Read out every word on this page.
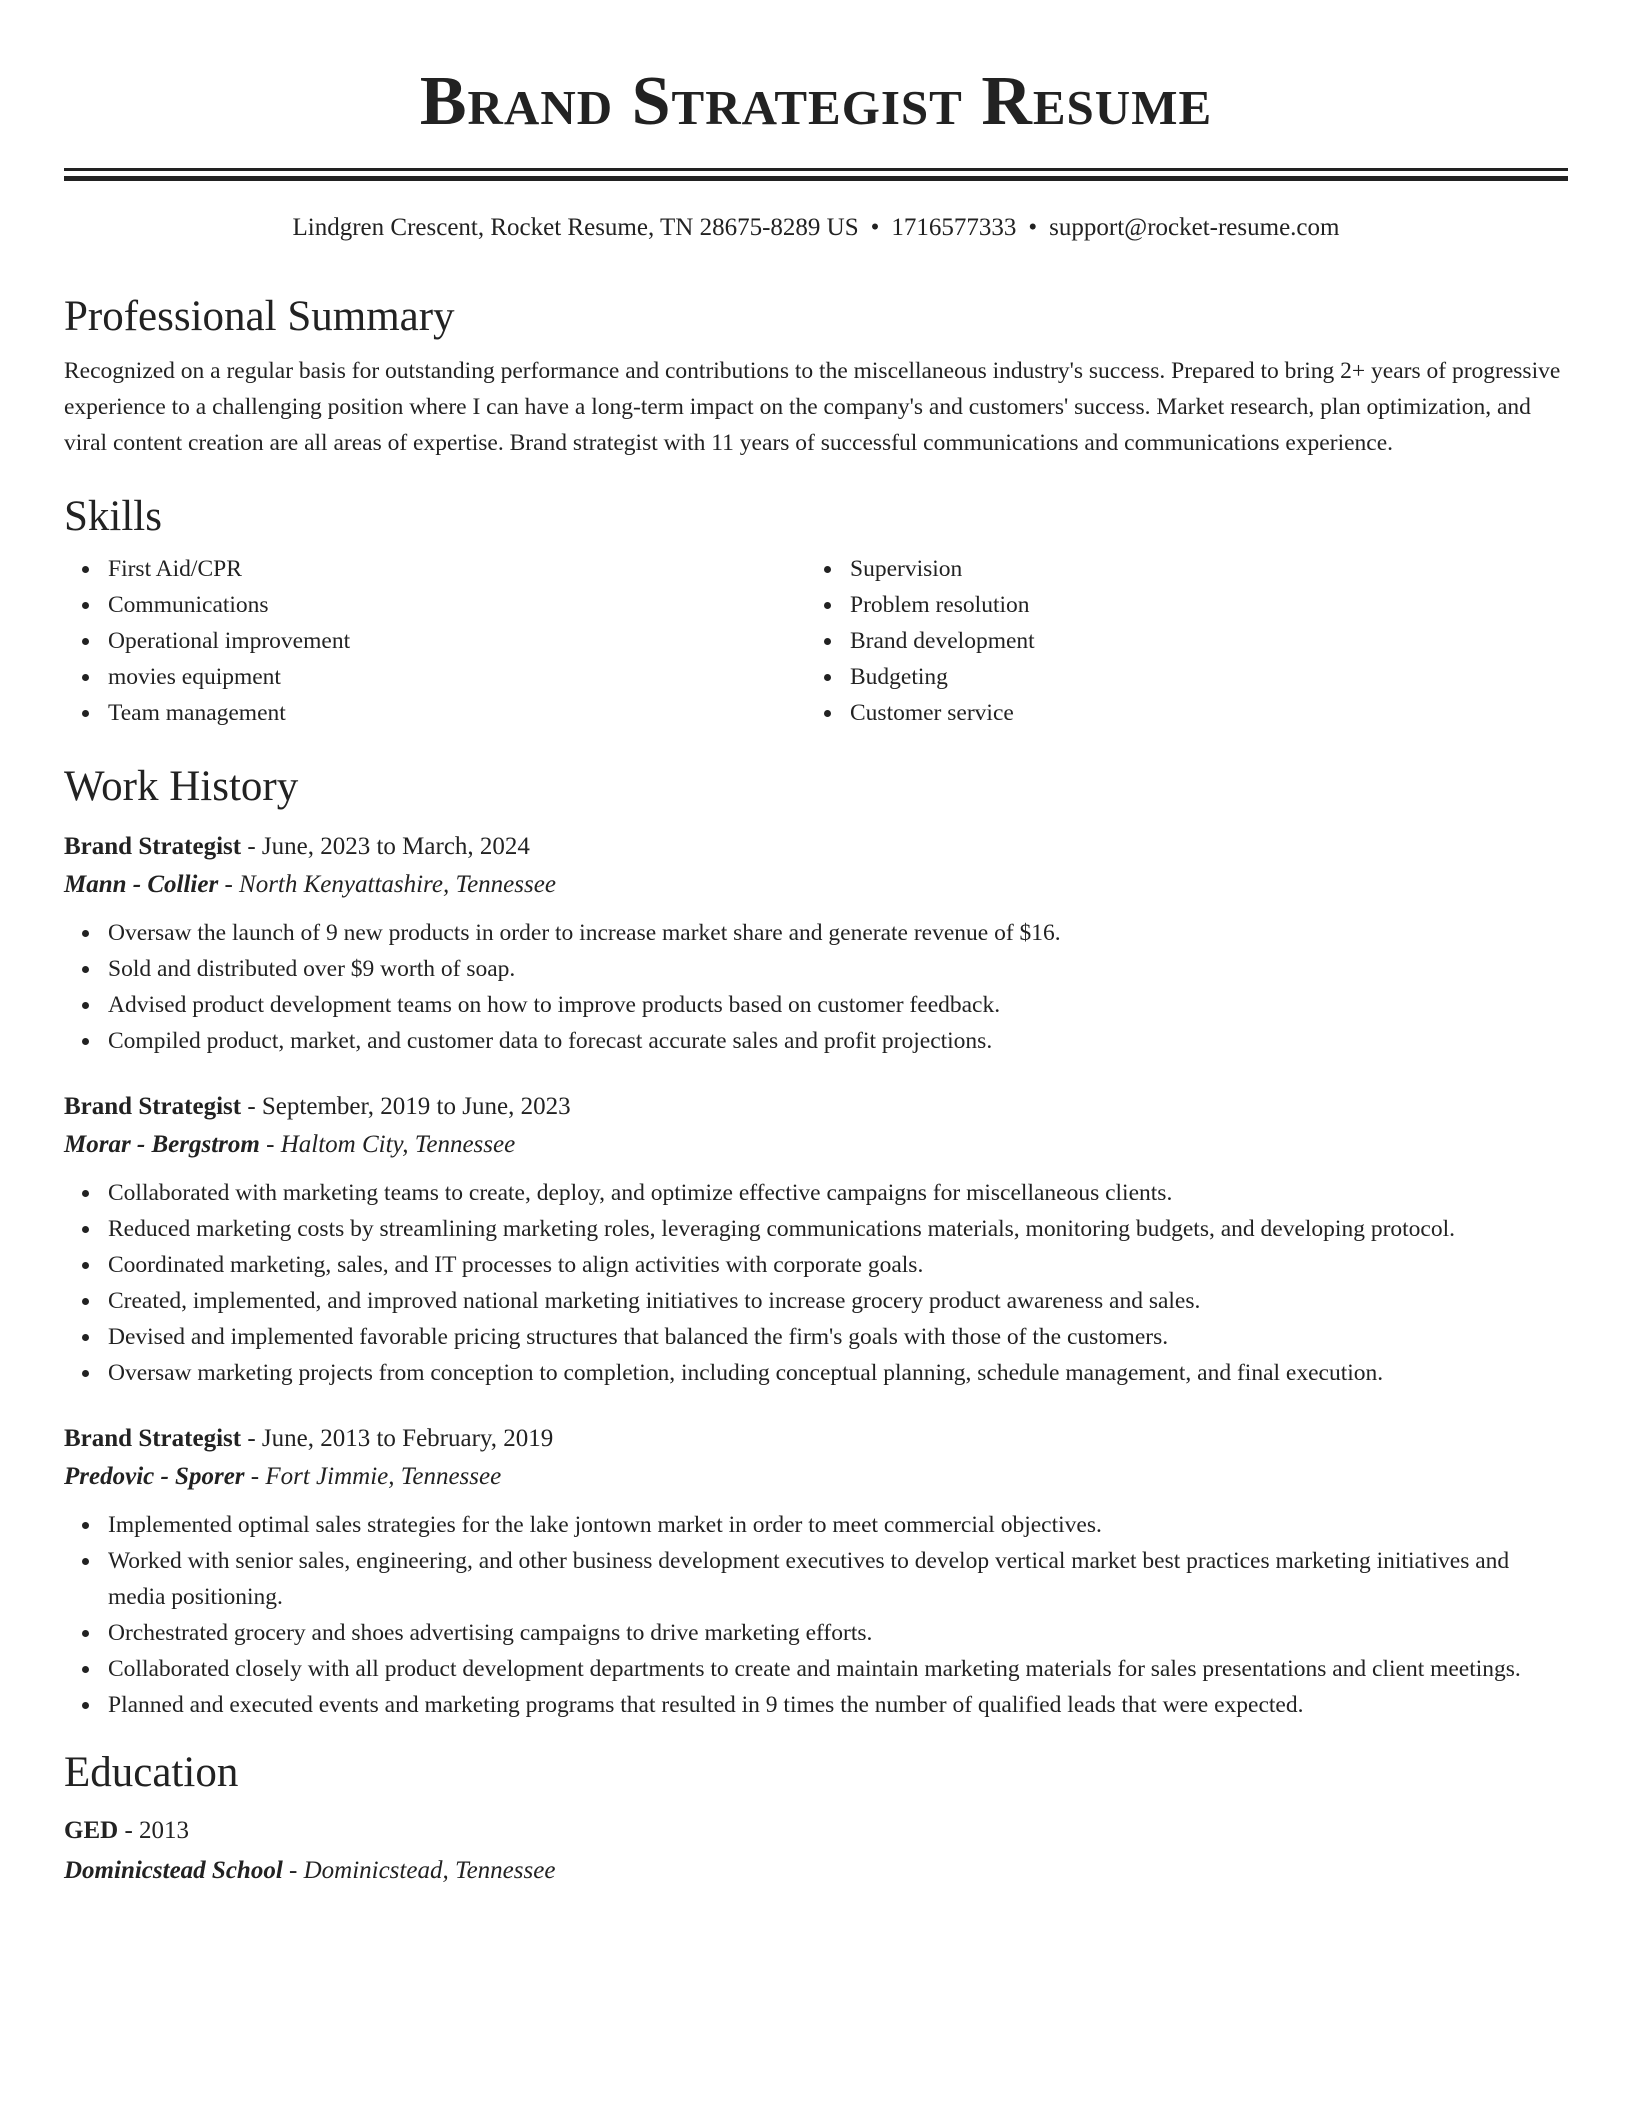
Brand Strategist Resume
Lindgren Crescent, Rocket Resume, TN 28675-8289 US • 1716577333 • support@rocket-resume.com
Professional Summary

Recognized on a regular basis for outstanding performance and contributions to the miscellaneous industry's success. Prepared to bring 2+ years of progressive experience to a challenging position where I can have a long-term impact on the company's and customers' success. Market research, plan optimization, and viral content creation are all areas of expertise. Brand strategist with 11 years of successful communications and communications experience.

Skills
First Aid/CPR
Communications
Operational improvement
movies equipment
Team management
Supervision
Problem resolution
Brand development
Budgeting
Customer service
Work History
Brand Strategist - June, 2023 to March, 2024
Mann - Collier - North Kenyattashire, Tennessee
Oversaw the launch of 9 new products in order to increase market share and generate revenue of $16.
Sold and distributed over $9 worth of soap.
Advised product development teams on how to improve products based on customer feedback.
Compiled product, market, and customer data to forecast accurate sales and profit projections.
Brand Strategist - September, 2019 to June, 2023
Morar - Bergstrom - Haltom City, Tennessee
Collaborated with marketing teams to create, deploy, and optimize effective campaigns for miscellaneous clients.
Reduced marketing costs by streamlining marketing roles, leveraging communications materials, monitoring budgets, and developing protocol.
Coordinated marketing, sales, and IT processes to align activities with corporate goals.
Created, implemented, and improved national marketing initiatives to increase grocery product awareness and sales.
Devised and implemented favorable pricing structures that balanced the firm's goals with those of the customers.
Oversaw marketing projects from conception to completion, including conceptual planning, schedule management, and final execution.
Brand Strategist - June, 2013 to February, 2019
Predovic - Sporer - Fort Jimmie, Tennessee
Implemented optimal sales strategies for the lake jontown market in order to meet commercial objectives.
Worked with senior sales, engineering, and other business development executives to develop vertical market best practices marketing initiatives and media positioning.
Orchestrated grocery and shoes advertising campaigns to drive marketing efforts.
Collaborated closely with all product development departments to create and maintain marketing materials for sales presentations and client meetings.
Planned and executed events and marketing programs that resulted in 9 times the number of qualified leads that were expected.
Education
GED - 2013
Dominicstead School - Dominicstead, Tennessee
